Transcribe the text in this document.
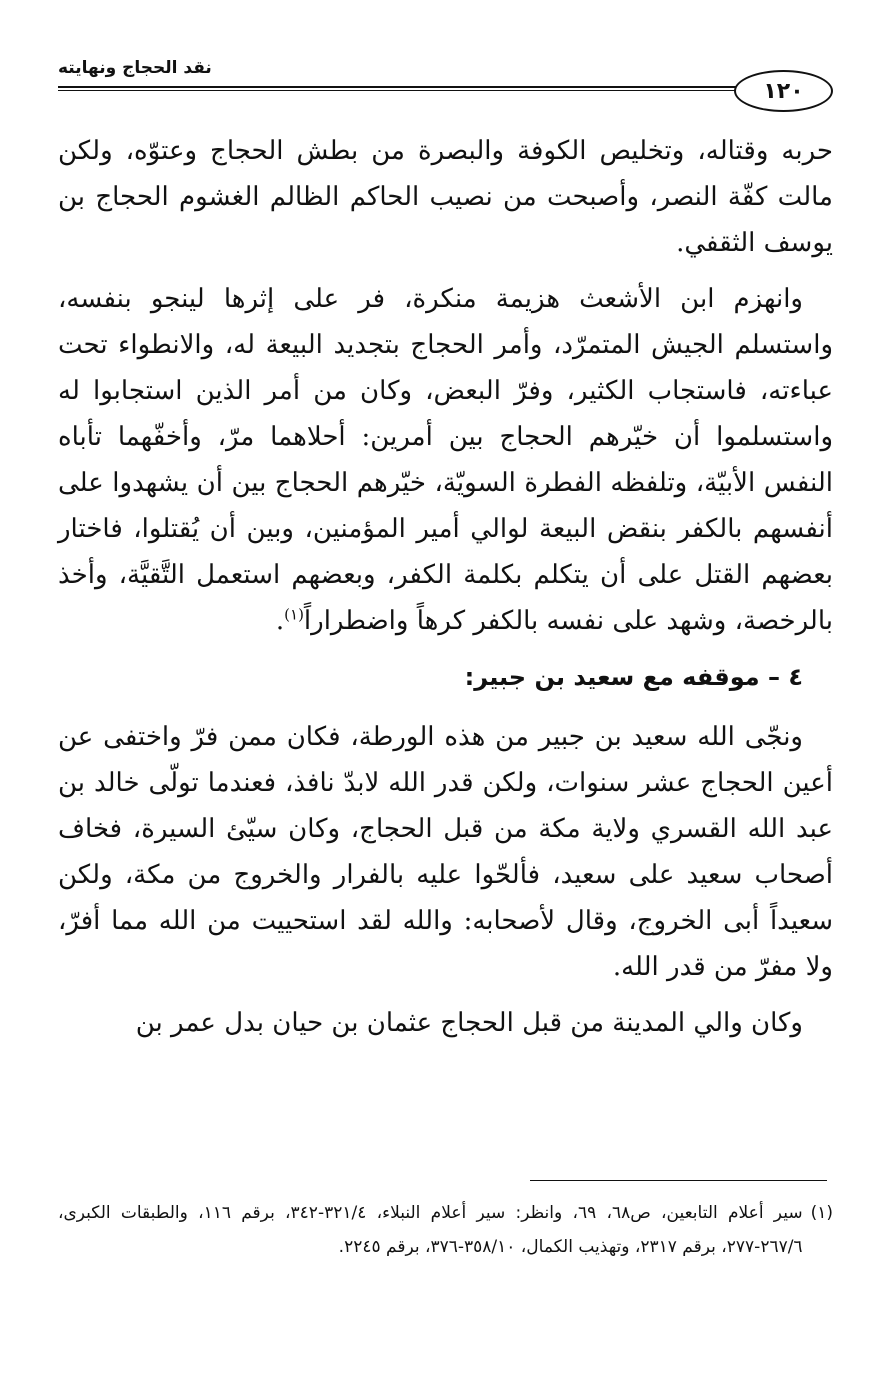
نقد الحجاج ونهايته
١٢٠

حربه وقتاله، وتخليص الكوفة والبصرة من بطش الحجاج وعتوّه، ولكن مالت كفّة النصر، وأصبحت من نصيب الحاكم الظالم الغشوم الحجاج بن يوسف الثقفي.

وانهزم ابن الأشعث هزيمة منكرة، فر على إثرها لينجو بنفسه، واستسلم الجيش المتمرّد، وأمر الحجاج بتجديد البيعة له، والانطواء تحت عباءته، فاستجاب الكثير، وفرّ البعض، وكان من أمر الذين استجابوا له واستسلموا أن خيّرهم الحجاج بين أمرين: أحلاهما مرّ، وأخفّهما تأباه النفس الأبيّة، وتلفظه الفطرة السويّة، خيّرهم الحجاج بين أن يشهدوا على أنفسهم بالكفر بنقض البيعة لوالي أمير المؤمنين، وبين أن يُقتلوا، فاختار بعضهم القتل على أن يتكلم بكلمة الكفر، وبعضهم استعمل التَّقيَّة، وأخذ بالرخصة، وشهد على نفسه بالكفر كرهاً واضطراراً$^{(١)}$.

٤ – موقفه مع سعيد بن جبير:

ونجّى الله سعيد بن جبير من هذه الورطة، فكان ممن فرّ واختفى عن أعين الحجاج عشر سنوات، ولكن قدر الله لابدّ نافذ، فعندما تولّى خالد بن عبد الله القسري ولاية مكة من قبل الحجاج، وكان سيّئ السيرة، فخاف أصحاب سعيد على سعيد، فألحّوا عليه بالفرار والخروج من مكة، ولكن سعيداً أبى الخروج، وقال لأصحابه: والله لقد استحييت من الله مما أفرّ، ولا مفرّ من قدر الله.

وكان والي المدينة من قبل الحجاج عثمان بن حيان بدل عمر بن

(١)
سير أعلام التابعين، ص٦٨، ٦٩، وانظر: سير أعلام النبلاء، ٣٢١/٤-٣٤٢، برقم ١١٦، والطبقات الكبرى، ٢٦٧/٦-٢٧٧، برقم ٢٣١٧، وتهذيب الكمال، ٣٥٨/١٠-٣٧٦، برقم ٢٢٤٥.
